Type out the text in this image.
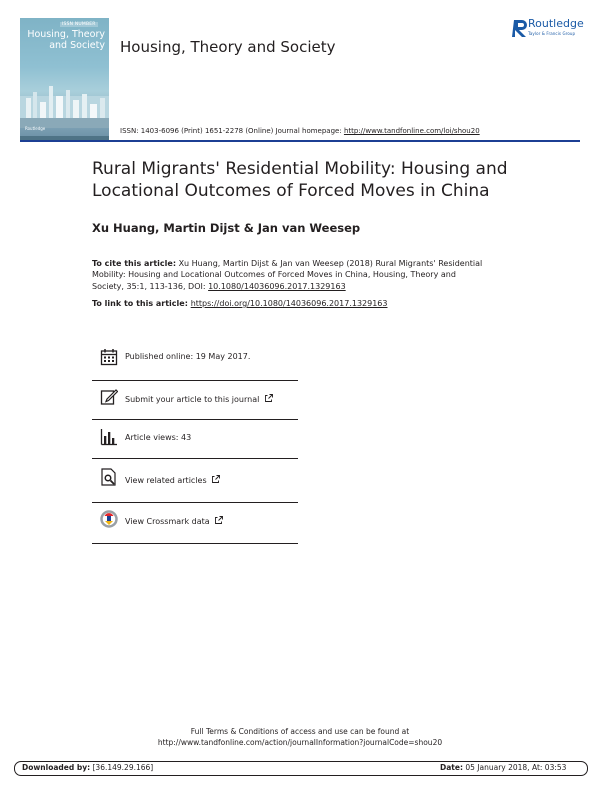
ISSN NUMBER
Housing, Theory
and Society
Routledge
Housing, Theory and Society
Routledge
Taylor & Francis Group
ISSN: 1403-6096 (Print) 1651-2278 (Online) Journal homepage: http://www.tandfonline.com/loi/shou20
Rural Migrants' Residential Mobility: Housing and
Locational Outcomes of Forced Moves in China
Xu Huang, Martin Dijst & Jan van Weesep
To cite this article: Xu Huang, Martin Dijst & Jan van Weesep (2018) Rural Migrants' Residential
Mobility: Housing and Locational Outcomes of Forced Moves in China, Housing, Theory and
Society, 35:1, 113-136, DOI: 10.1080/14036096.2017.1329163
To link to this article: https://doi.org/10.1080/14036096.2017.1329163
Published online: 19 May 2017.
Submit your article to this journal
Article views: 43
View related articles
View Crossmark data
Full Terms & Conditions of access and use can be found at
http://www.tandfonline.com/action/journalInformation?journalCode=shou20
Downloaded by: [36.149.29.166]	Date: 05 January 2018, At: 03:53
